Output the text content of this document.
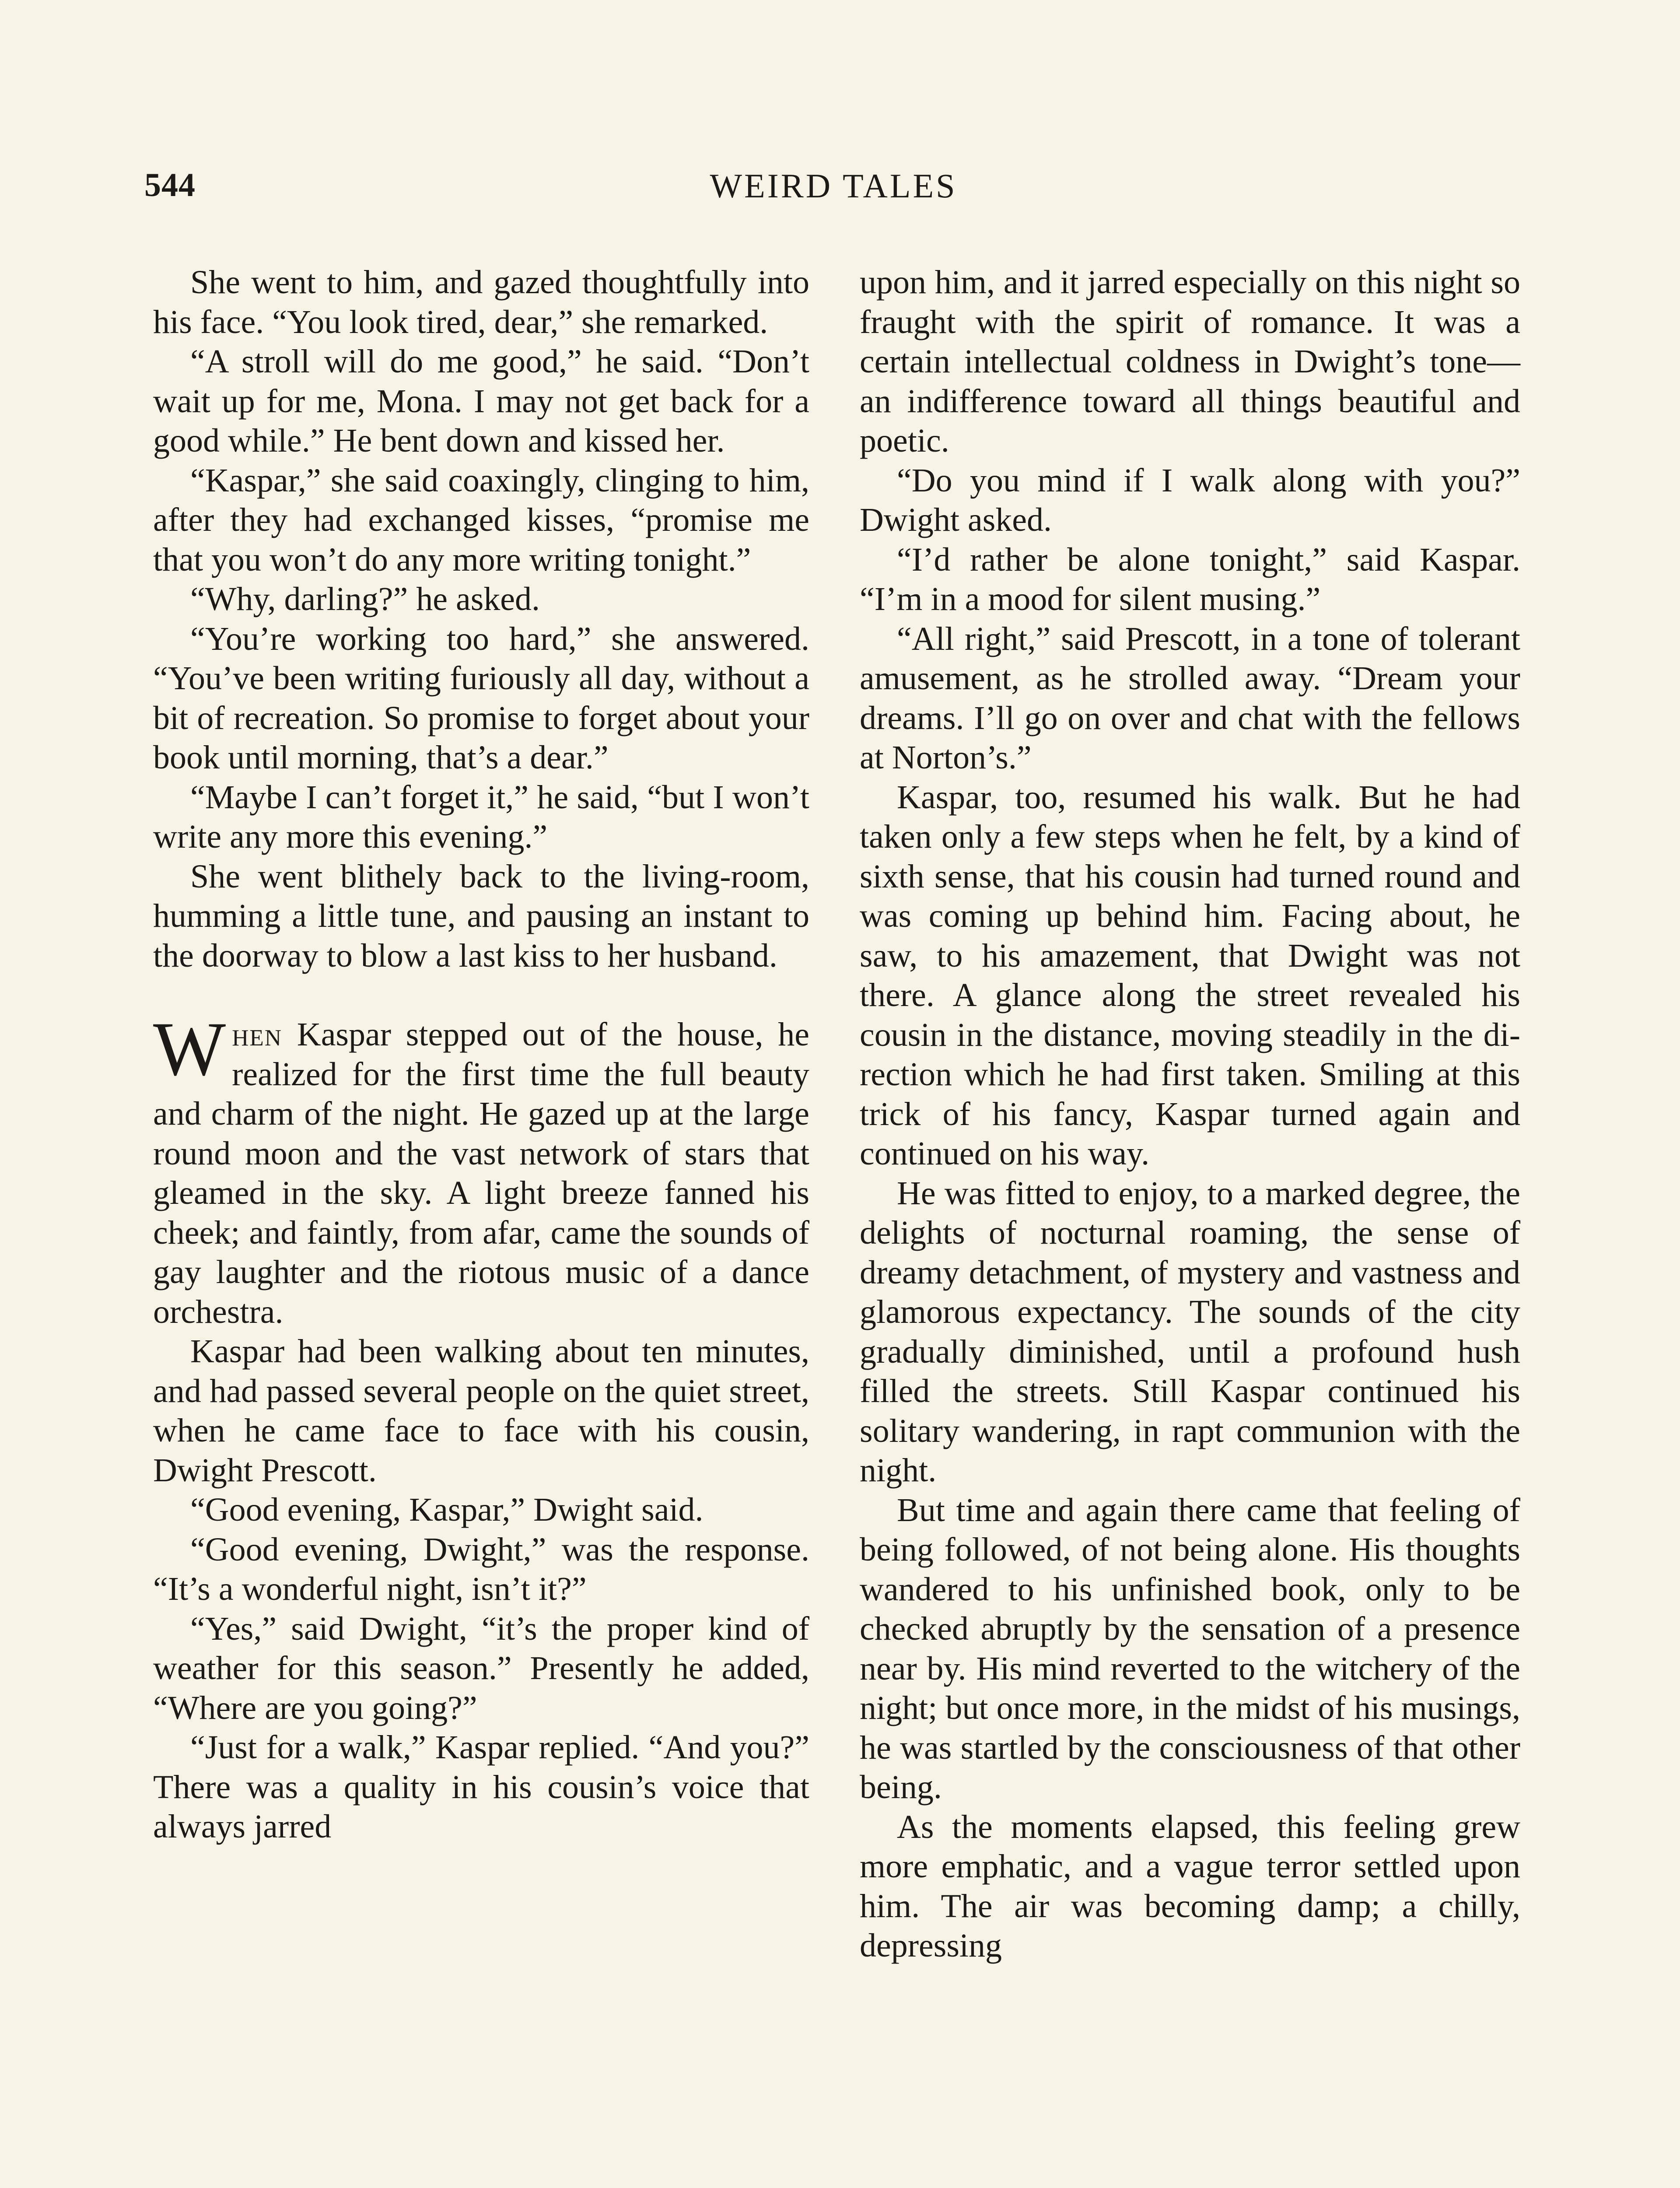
544	WEIRD TALES

She went to him, and gazed thoughtfully into his face. “You look tired, dear,” she remarked.

“A stroll will do me good,” he said. “Don’t wait up for me, Mona. I may not get back for a good while.” He bent down and kissed her.

“Kaspar,” she said coaxingly, clinging to him, after they had exchanged kisses, “promise me that you won’t do any more writing tonight.”

“Why, darling?” he asked.

“You’re working too hard,” she answered. “You’ve been writing furiously all day, without a bit of recreation. So promise to forget about your book until morning, that’s a dear.”

“Maybe I can’t forget it,” he said, “but I won’t write any more this evening.”

She went blithely back to the living-room, humming a little tune, and pausing an instant to the doorway to blow a last kiss to her husband.

When Kaspar stepped out of the house, he realized for the first time the full beauty and charm of the night. He gazed up at the large round moon and the vast network of stars that gleamed in the sky. A light breeze fanned his cheek; and faintly, from afar, came the sounds of gay laughter and the riotous music of a dance orchestra.

Kaspar had been walking about ten minutes, and had passed several people on the quiet street, when he came face to face with his cousin, Dwight Prescott.

“Good evening, Kaspar,” Dwight said.

“Good evening, Dwight,” was the response. “It’s a wonderful night, isn’t it?”

“Yes,” said Dwight, “it’s the proper kind of weather for this season.” Presently he added, “Where are you going?”

“Just for a walk,” Kaspar replied. “And you?” There was a quality in his cousin’s voice that always jarred

upon him, and it jarred especially on this night so fraught with the spirit of romance. It was a certain intellectual coldness in Dwight’s tone—an indifference toward all things beautiful and poetic.

“Do you mind if I walk along with you?” Dwight asked.

“I’d rather be alone tonight,” said Kaspar. “I’m in a mood for silent musing.”

“All right,” said Prescott, in a tone of tolerant amusement, as he strolled away. “Dream your dreams. I’ll go on over and chat with the fellows at Norton’s.”

Kaspar, too, resumed his walk. But he had taken only a few steps when he felt, by a kind of sixth sense, that his cousin had turned round and was coming up behind him. Facing about, he saw, to his amazement, that Dwight was not there. A glance along the street revealed his cousin in the distance, moving steadily in the direction which he had first taken. Smiling at this trick of his fancy, Kaspar turned again and continued on his way.

He was fitted to enjoy, to a marked degree, the delights of nocturnal roaming, the sense of dreamy detachment, of mystery and vastness and glamorous expectancy. The sounds of the city gradually diminished, until a profound hush filled the streets. Still Kaspar continued his solitary wandering, in rapt communion with the night.

But time and again there came that feeling of being followed, of not being alone. His thoughts wandered to his unfinished book, only to be checked abruptly by the sensation of a presence near by. His mind reverted to the witchery of the night; but once more, in the midst of his musings, he was startled by the consciousness of that other being.

As the moments elapsed, this feeling grew more emphatic, and a vague terror settled upon him. The air was becoming damp; a chilly, depressing
